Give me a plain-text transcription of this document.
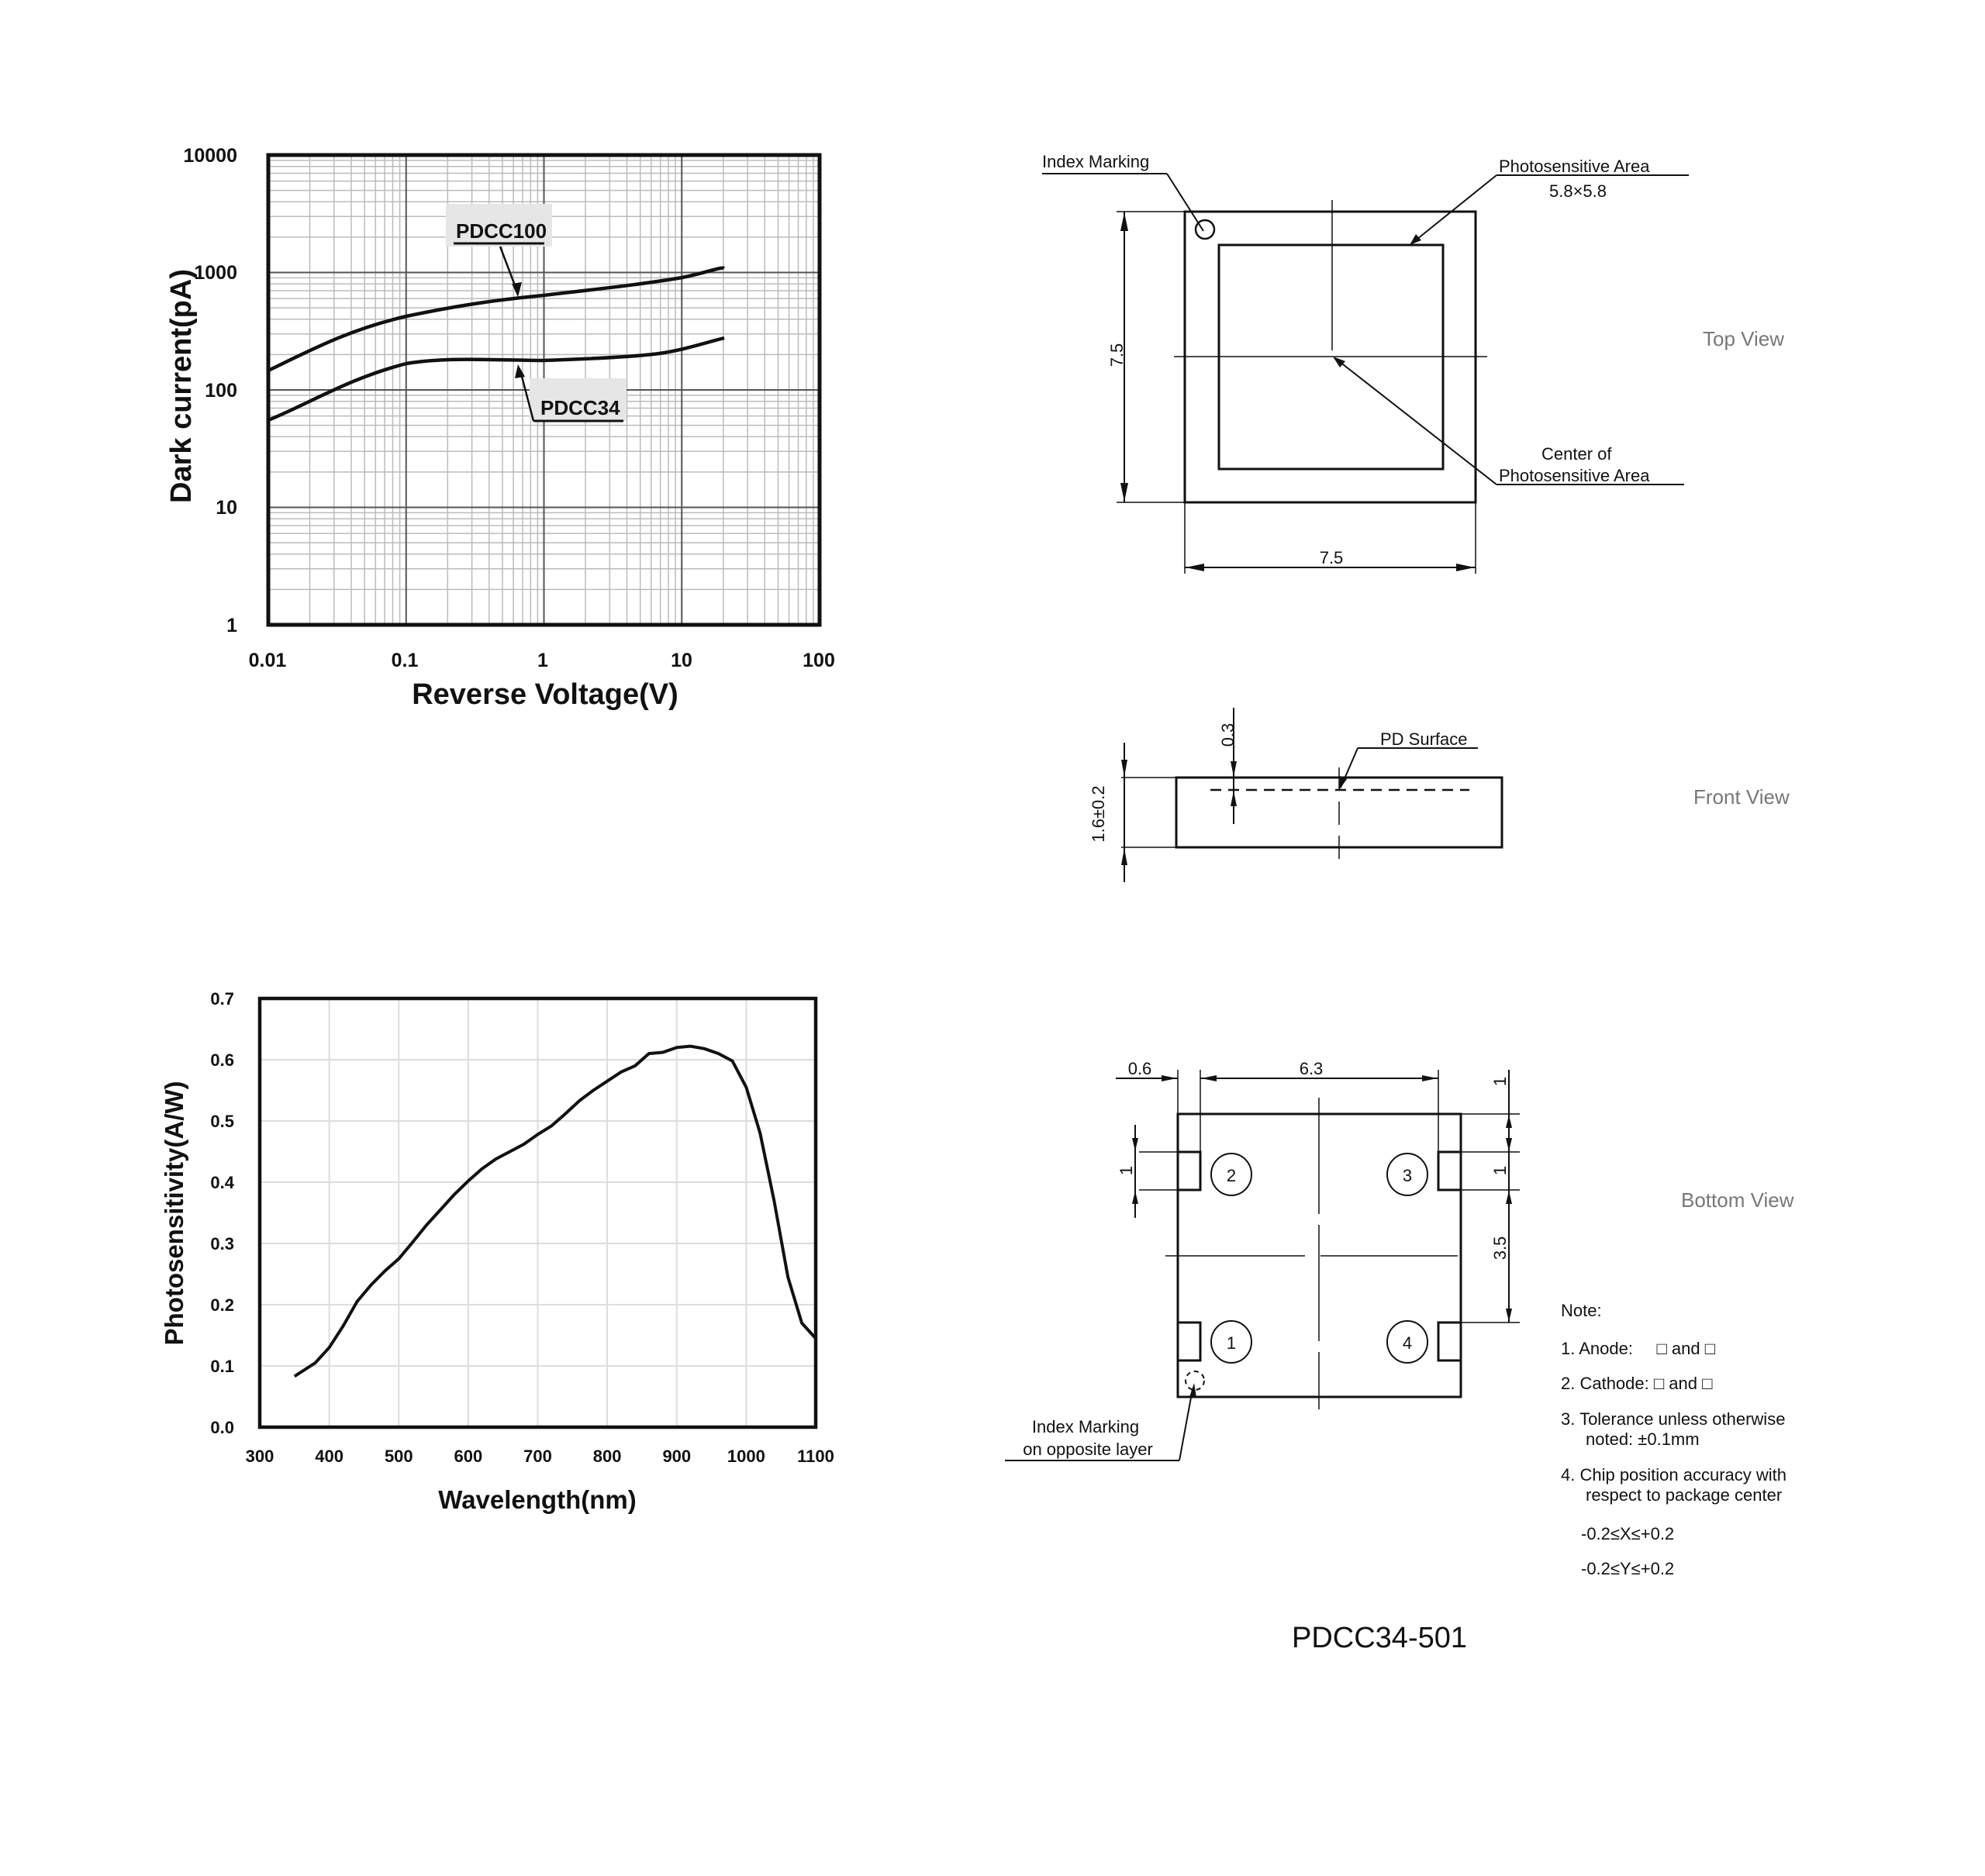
PDCC100
PDCC34
10000
1000
100
10
1
0.01	0.1	1	10	100
Reverse Voltage(V)
Dark current(pA)
0.7
0.6
0.5
0.4
0.3
0.2
0.1
0.0
300 400 500 600 700 800 900 1000 1100
Wavelength(nm)
Photosensitivity(A/W)
Index Marking	Photosensitive Area
5.8×5.8
Center of
Photosensitive Area
7.5
7.5
Top View
PD Surface
0.3
1.6±0.2	Front View
0.6	6.3
1
1
1
3.5
2	3
1	4
Index Marking
on opposite layer
Bottom View
Note:
1. Anode:     □ and □
2. Cathode: □ and □
3. Tolerance unless otherwise
noted: ±0.1mm
4. Chip position accuracy with
respect to package center
-0.2≤X≤+0.2
-0.2≤Y≤+0.2
PDCC34-501
